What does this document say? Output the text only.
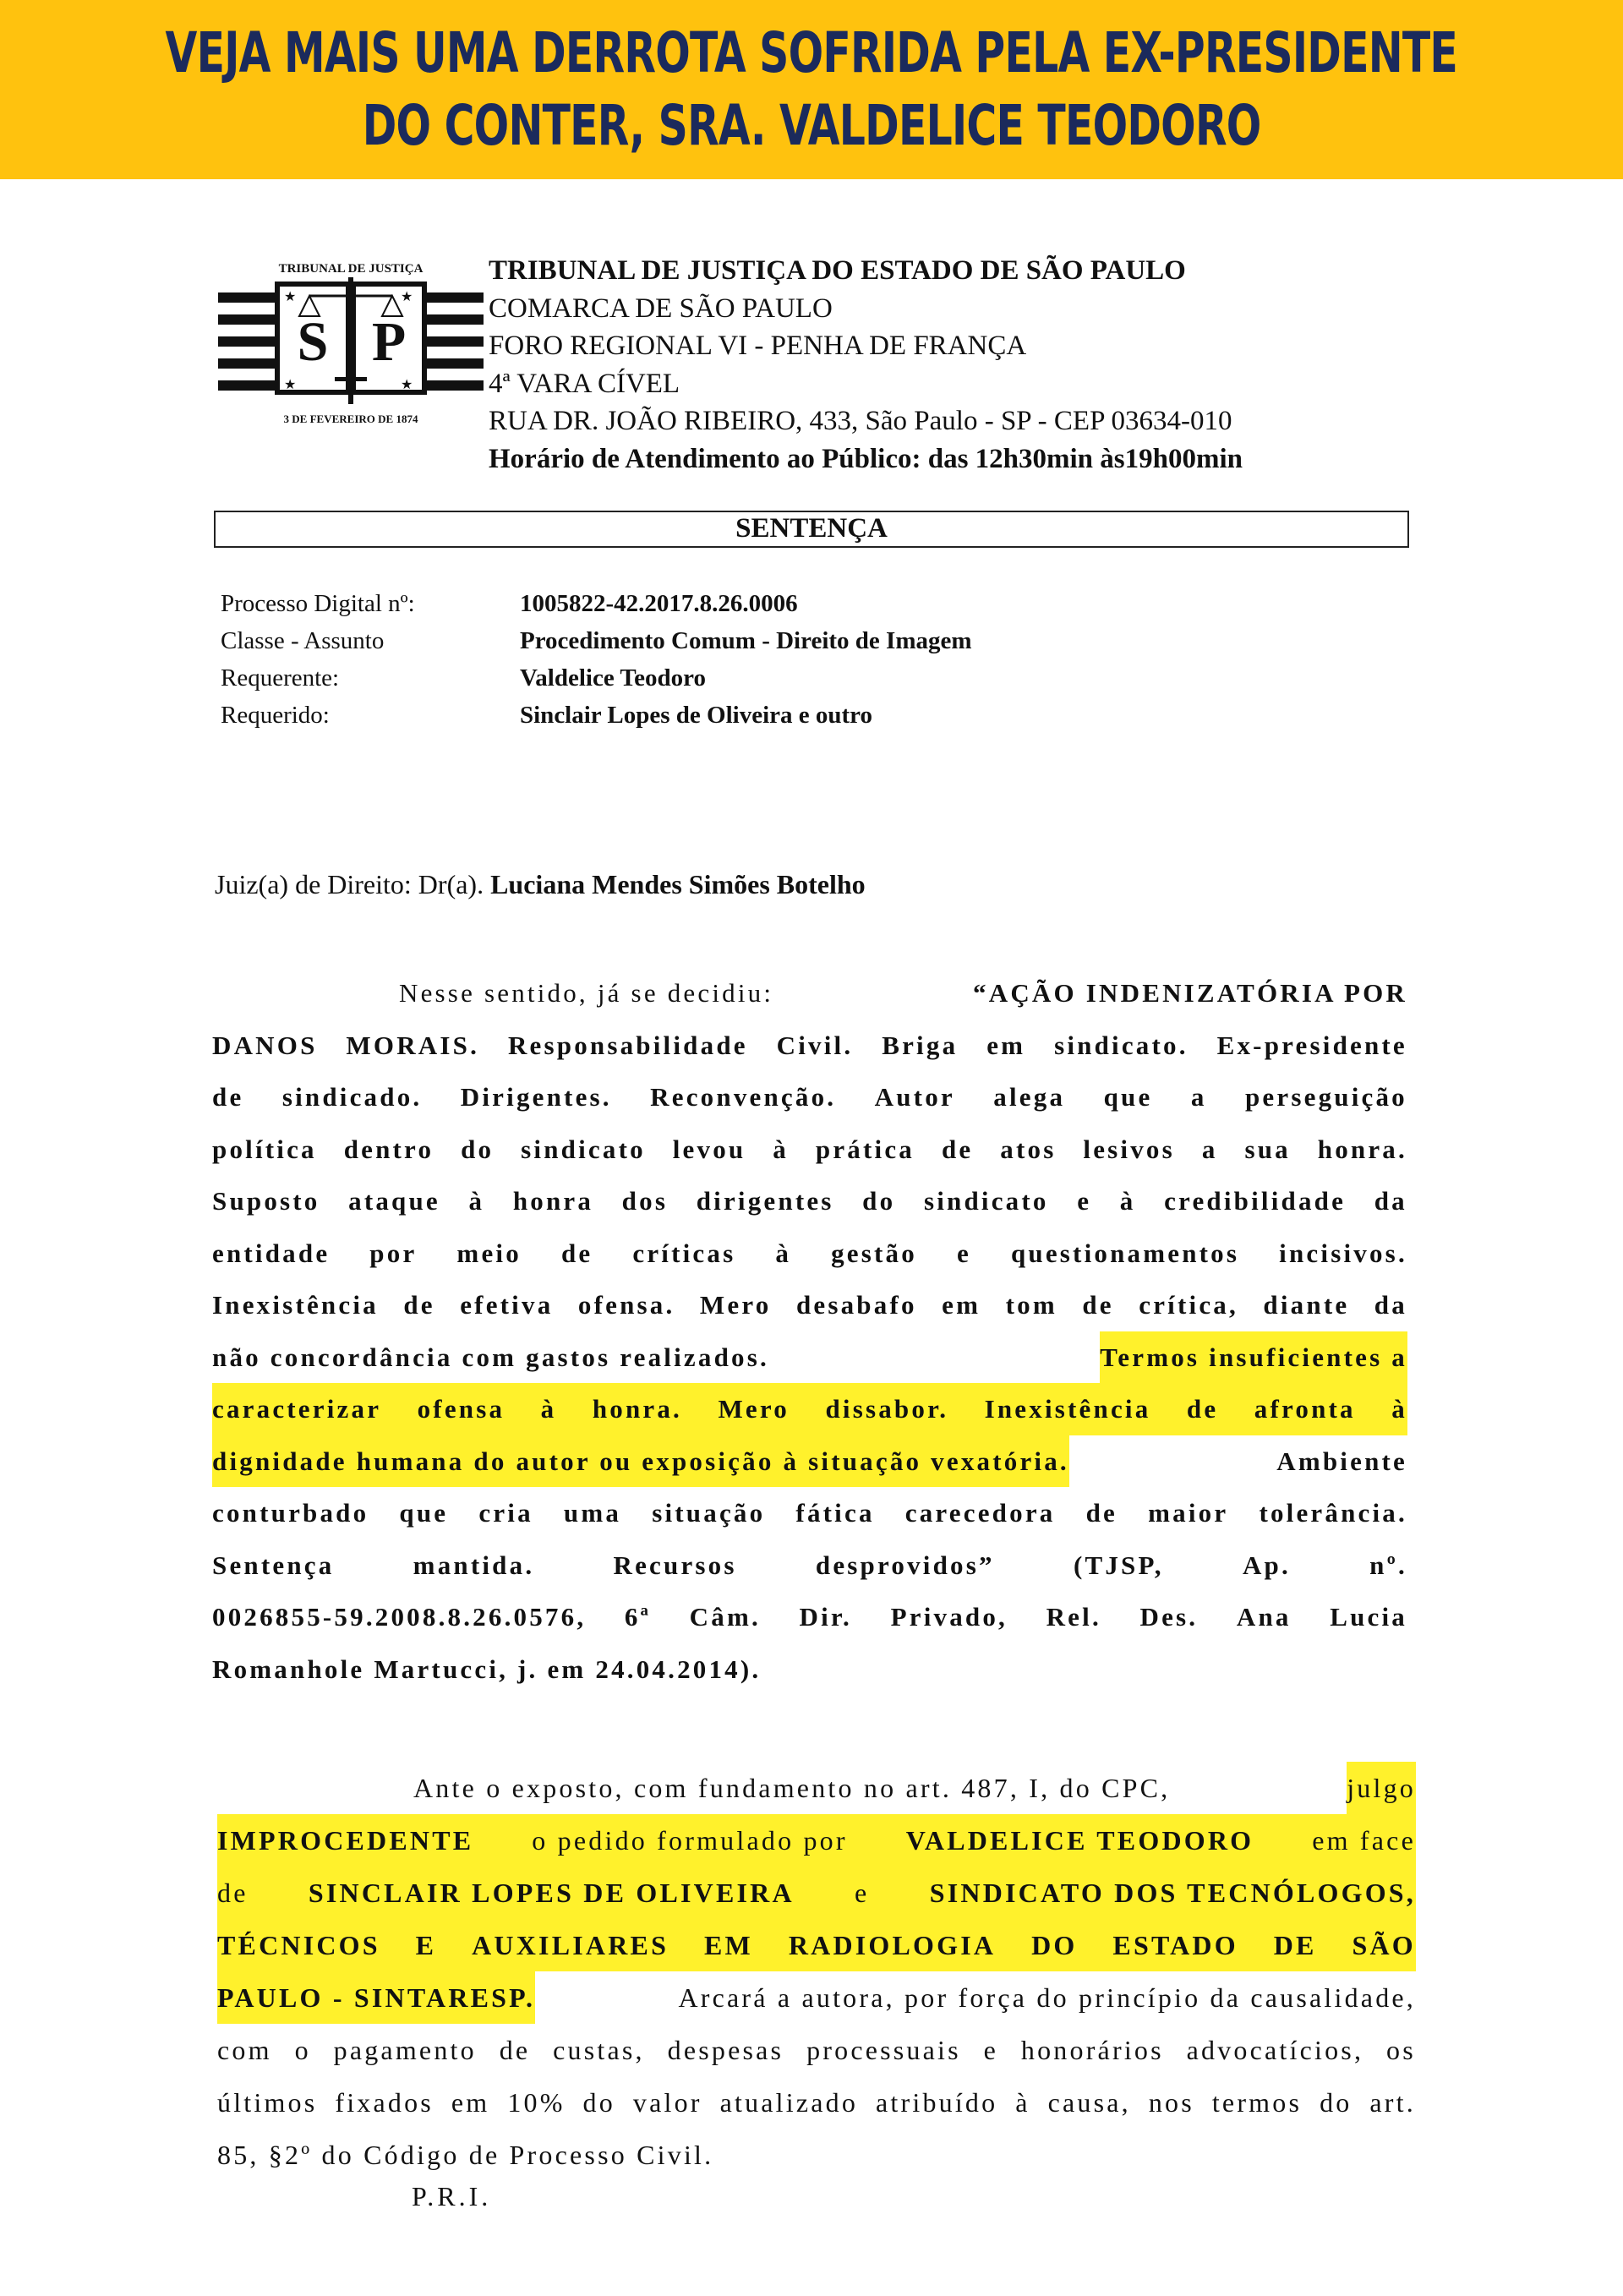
VEJA MAIS UMA DERROTA SOFRIDA PELA EX-PRESIDENTE
DO CONTER, SRA. VALDELICE TEODORO
★	★
★	★
S P
TRIBUNAL DE JUSTIÇA
3 DE FEVEREIRO DE 1874
TRIBUNAL DE JUSTIÇA DO ESTADO DE SÃO PAULO
COMARCA DE SÃO PAULO
FORO REGIONAL VI - PENHA DE FRANÇA
4ª VARA CÍVEL
RUA DR. JOÃO RIBEIRO, 433, São Paulo - SP - CEP 03634-010
Horário de Atendimento ao Público: das 12h30min às19h00min
SENTENÇA
Processo Digital nº:	1005822-42.2017.8.26.0006
Classe - Assunto	Procedimento Comum - Direito de Imagem
Requerente:	Valdelice Teodoro
Requerido:	Sinclair Lopes de Oliveira e outro
Juiz(a) de Direito: Dr(a). Luciana Mendes Simões Botelho
Nesse sentido, já se decidiu:	“AÇÃO INDENIZATÓRIA POR
DANOS MORAIS. Responsabilidade Civil. Briga em sindicato. Ex-presidente
de sindicado. Dirigentes. Reconvenção. Autor alega que a perseguição
política dentro do sindicato levou à prática de atos lesivos a sua honra.
Suposto ataque à honra dos dirigentes do sindicato e à credibilidade da
entidade por meio de críticas à gestão e questionamentos incisivos.
Inexistência de efetiva ofensa. Mero desabafo em tom de crítica, diante da
não concordância com gastos realizados.	Termos insuficientes a
caracterizar ofensa à honra. Mero dissabor. Inexistência de afronta à
dignidade humana do autor ou exposição à situação vexatória.	Ambiente
conturbado que cria uma situação fática carecedora de maior tolerância.
Sentença	mantida.	Recursos	desprovidos”	(TJSP,	Ap.	nº.
0026855-59.2008.8.26.0576, 6ª Câm. Dir. Privado, Rel. Des. Ana Lucia
Romanhole Martucci, j. em 24.04.2014).
Ante o exposto, com fundamento no art. 487, I, do CPC,	julgo
IMPROCEDENTE o pedido formulado por VALDELICE TEODORO em face
de SINCLAIR LOPES DE OLIVEIRA e SINDICATO DOS TECNÓLOGOS,
TÉCNICOS E AUXILIARES EM RADIOLOGIA DO ESTADO DE SÃO
PAULO - SINTARESP.	Arcará a autora, por força do princípio da causalidade,
com o pagamento de custas, despesas processuais e honorários advocatícios, os
últimos fixados em 10% do valor atualizado atribuído à causa, nos termos do art.
85, §2º do Código de Processo Civil.
P.R.I.
